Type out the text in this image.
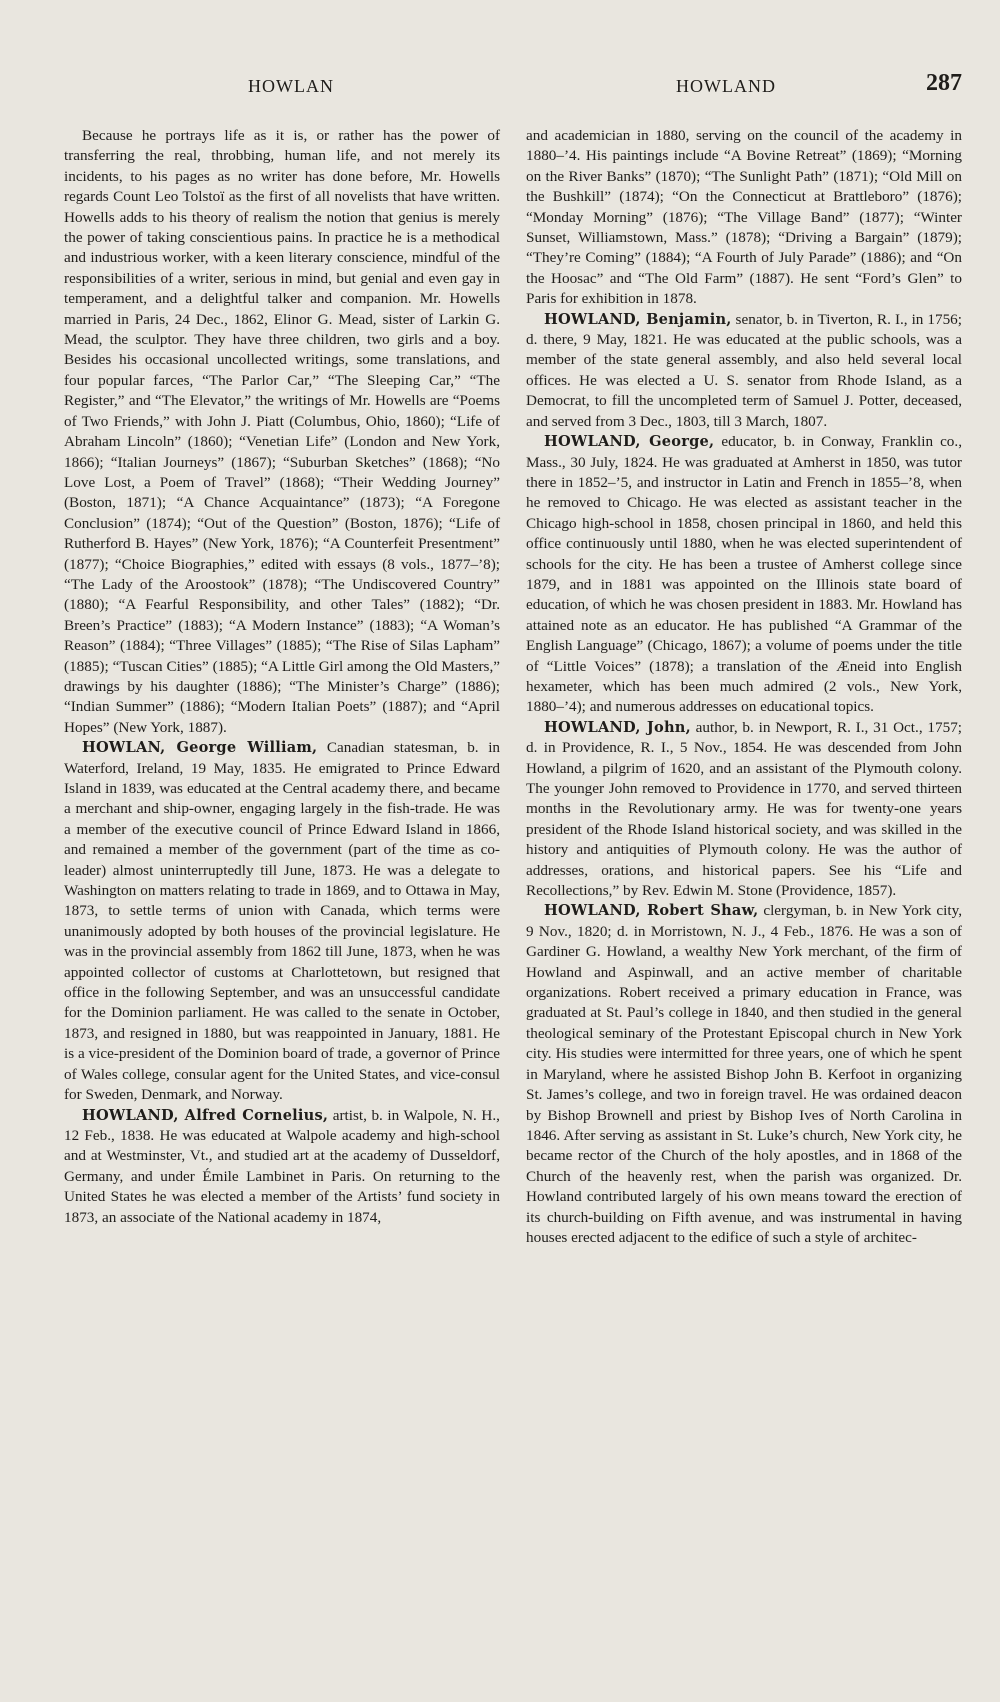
HOWLAN	HOWLAND	287

Because he portrays life as it is, or rather has the power of transferring the real, throbbing, human life, and not merely its incidents, to his pages as no writer has done before, Mr. Howells regards Count Leo Tolstoï as the first of all novelists that have written. Howells adds to his theory of realism the notion that genius is merely the power of taking conscientious pains. In practice he is a methodical and industrious worker, with a keen literary conscience, mindful of the responsibilities of a writer, serious in mind, but genial and even gay in temperament, and a delightful talker and companion. Mr. Howells married in Paris, 24 Dec., 1862, Elinor G. Mead, sister of Larkin G. Mead, the sculptor. They have three children, two girls and a boy. Besides his occasional uncollected writings, some translations, and four popular farces, “The Parlor Car,” “The Sleeping Car,” “The Register,” and “The Elevator,” the writings of Mr. Howells are “Poems of Two Friends,” with John J. Piatt (Columbus, Ohio, 1860); “Life of Abraham Lincoln” (1860); “Venetian Life” (London and New York, 1866); “Italian Journeys” (1867); “Suburban Sketches” (1868); “No Love Lost, a Poem of Travel” (1868); “Their Wedding Journey” (Boston, 1871); “A Chance Acquaintance” (1873); “A Foregone Conclusion” (1874); “Out of the Question” (Boston, 1876); “Life of Rutherford B. Hayes” (New York, 1876); “A Counterfeit Presentment” (1877); “Choice Biographies,” edited with essays (8 vols., 1877–’8); “The Lady of the Aroostook” (1878); “The Undiscovered Country” (1880); “A Fearful Responsibility, and other Tales” (1882); “Dr. Breen’s Practice” (1883); “A Modern Instance” (1883); “A Woman’s Reason” (1884); “Three Villages” (1885); “The Rise of Silas Lapham” (1885); “Tuscan Cities” (1885); “A Little Girl among the Old Masters,” drawings by his daughter (1886); “The Minister’s Charge” (1886); “Indian Summer” (1886); “Modern Italian Poets” (1887); and “April Hopes” (New York, 1887).

HOWLAN, George William, Canadian statesman, b. in Waterford, Ireland, 19 May, 1835. He emigrated to Prince Edward Island in 1839, was educated at the Central academy there, and became a merchant and ship-owner, engaging largely in the fish-trade. He was a member of the executive council of Prince Edward Island in 1866, and remained a member of the government (part of the time as co-leader) almost uninterruptedly till June, 1873. He was a delegate to Washington on matters relating to trade in 1869, and to Ottawa in May, 1873, to settle terms of union with Canada, which terms were unanimously adopted by both houses of the provincial legislature. He was in the provincial assembly from 1862 till June, 1873, when he was appointed collector of customs at Charlottetown, but resigned that office in the following September, and was an unsuccessful candidate for the Dominion parliament. He was called to the senate in October, 1873, and resigned in 1880, but was reappointed in January, 1881. He is a vice-president of the Dominion board of trade, a governor of Prince of Wales college, consular agent for the United States, and vice-consul for Sweden, Denmark, and Norway.

HOWLAND, Alfred Cornelius, artist, b. in Walpole, N. H., 12 Feb., 1838. He was educated at Walpole academy and high-school and at Westminster, Vt., and studied art at the academy of Dusseldorf, Germany, and under Émile Lambinet in Paris. On returning to the United States he was elected a member of the Artists’ fund society in 1873, an associate of the National academy in 1874,

and academician in 1880, serving on the council of the academy in 1880–’4. His paintings include “A Bovine Retreat” (1869); “Morning on the River Banks” (1870); “The Sunlight Path” (1871); “Old Mill on the Bushkill” (1874); “On the Connecticut at Brattleboro” (1876); “Monday Morning” (1876); “The Village Band” (1877); “Winter Sunset, Williamstown, Mass.” (1878); “Driving a Bargain” (1879); “They’re Coming” (1884); “A Fourth of July Parade” (1886); and “On the Hoosac” and “The Old Farm” (1887). He sent “Ford’s Glen” to Paris for exhibition in 1878.

HOWLAND, Benjamin, senator, b. in Tiverton, R. I., in 1756; d. there, 9 May, 1821. He was educated at the public schools, was a member of the state general assembly, and also held several local offices. He was elected a U. S. senator from Rhode Island, as a Democrat, to fill the uncompleted term of Samuel J. Potter, deceased, and served from 3 Dec., 1803, till 3 March, 1807.

HOWLAND, George, educator, b. in Conway, Franklin co., Mass., 30 July, 1824. He was graduated at Amherst in 1850, was tutor there in 1852–’5, and instructor in Latin and French in 1855–’8, when he removed to Chicago. He was elected as assistant teacher in the Chicago high-school in 1858, chosen principal in 1860, and held this office continuously until 1880, when he was elected superintendent of schools for the city. He has been a trustee of Amherst college since 1879, and in 1881 was appointed on the Illinois state board of education, of which he was chosen president in 1883. Mr. Howland has attained note as an educator. He has published “A Grammar of the English Language” (Chicago, 1867); a volume of poems under the title of “Little Voices” (1878); a translation of the Æneid into English hexameter, which has been much admired (2 vols., New York, 1880–’4); and numerous addresses on educational topics.

HOWLAND, John, author, b. in Newport, R. I., 31 Oct., 1757; d. in Providence, R. I., 5 Nov., 1854. He was descended from John Howland, a pilgrim of 1620, and an assistant of the Plymouth colony. The younger John removed to Providence in 1770, and served thirteen months in the Revolutionary army. He was for twenty-one years president of the Rhode Island historical society, and was skilled in the history and antiquities of Plymouth colony. He was the author of addresses, orations, and historical papers. See his “Life and Recollections,” by Rev. Edwin M. Stone (Providence, 1857).

HOWLAND, Robert Shaw, clergyman, b. in New York city, 9 Nov., 1820; d. in Morristown, N. J., 4 Feb., 1876. He was a son of Gardiner G. Howland, a wealthy New York merchant, of the firm of Howland and Aspinwall, and an active member of charitable organizations. Robert received a primary education in France, was graduated at St. Paul’s college in 1840, and then studied in the general theological seminary of the Protestant Episcopal church in New York city. His studies were intermitted for three years, one of which he spent in Maryland, where he assisted Bishop John B. Kerfoot in organizing St. James’s college, and two in foreign travel. He was ordained deacon by Bishop Brownell and priest by Bishop Ives of North Carolina in 1846. After serving as assistant in St. Luke’s church, New York city, he became rector of the Church of the holy apostles, and in 1868 of the Church of the heavenly rest, when the parish was organized. Dr. Howland contributed largely of his own means toward the erection of its church-building on Fifth avenue, and was instrumental in having houses erected adjacent to the edifice of such a style of architec-
